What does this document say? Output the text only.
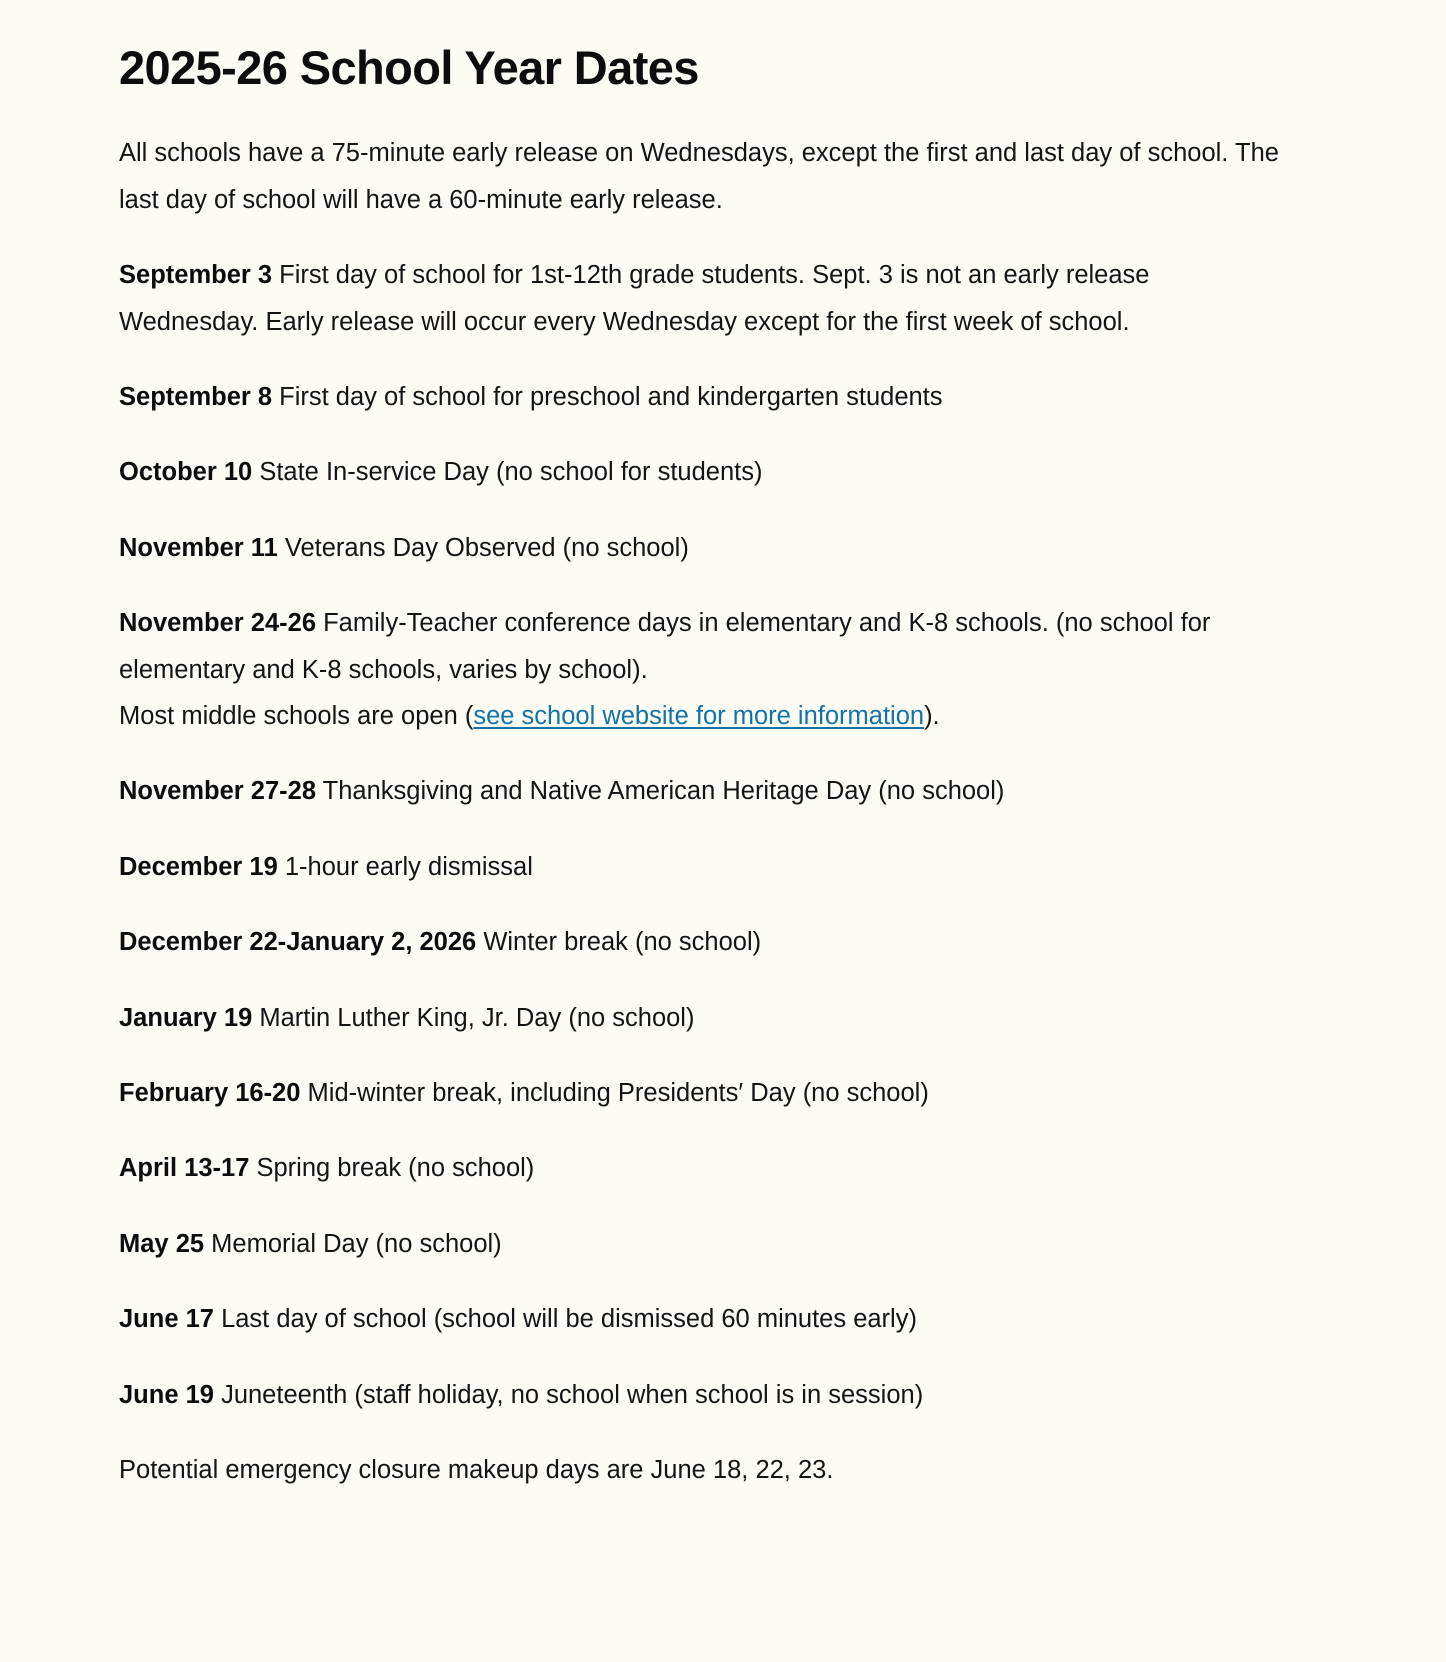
2025-26 School Year Dates

All schools have a 75-minute early release on Wednesdays, except the first and last day of school. The last day of school will have a 60-minute early release.

September 3 First day of school for 1st-12th grade students. Sept. 3 is not an early release Wednesday. Early release will occur every Wednesday except for the first week of school.

September 8 First day of school for preschool and kindergarten students

October 10 State In-service Day (no school for students)

November 11 Veterans Day Observed (no school)

November 24-26 Family-Teacher conference days in elementary and K-8 schools. (no school for elementary and K-8 schools, varies by school).
Most middle schools are open (see school website for more information).

November 27-28 Thanksgiving and Native American Heritage Day (no school)

December 19 1-hour early dismissal

December 22-January 2, 2026 Winter break (no school)

January 19 Martin Luther King, Jr. Day (no school)

February 16-20 Mid-winter break, including Presidents′ Day (no school)

April 13-17 Spring break (no school)

May 25 Memorial Day (no school)

June 17 Last day of school (school will be dismissed 60 minutes early)

June 19 Juneteenth (staff holiday, no school when school is in session)

Potential emergency closure makeup days are June 18, 22, 23.
